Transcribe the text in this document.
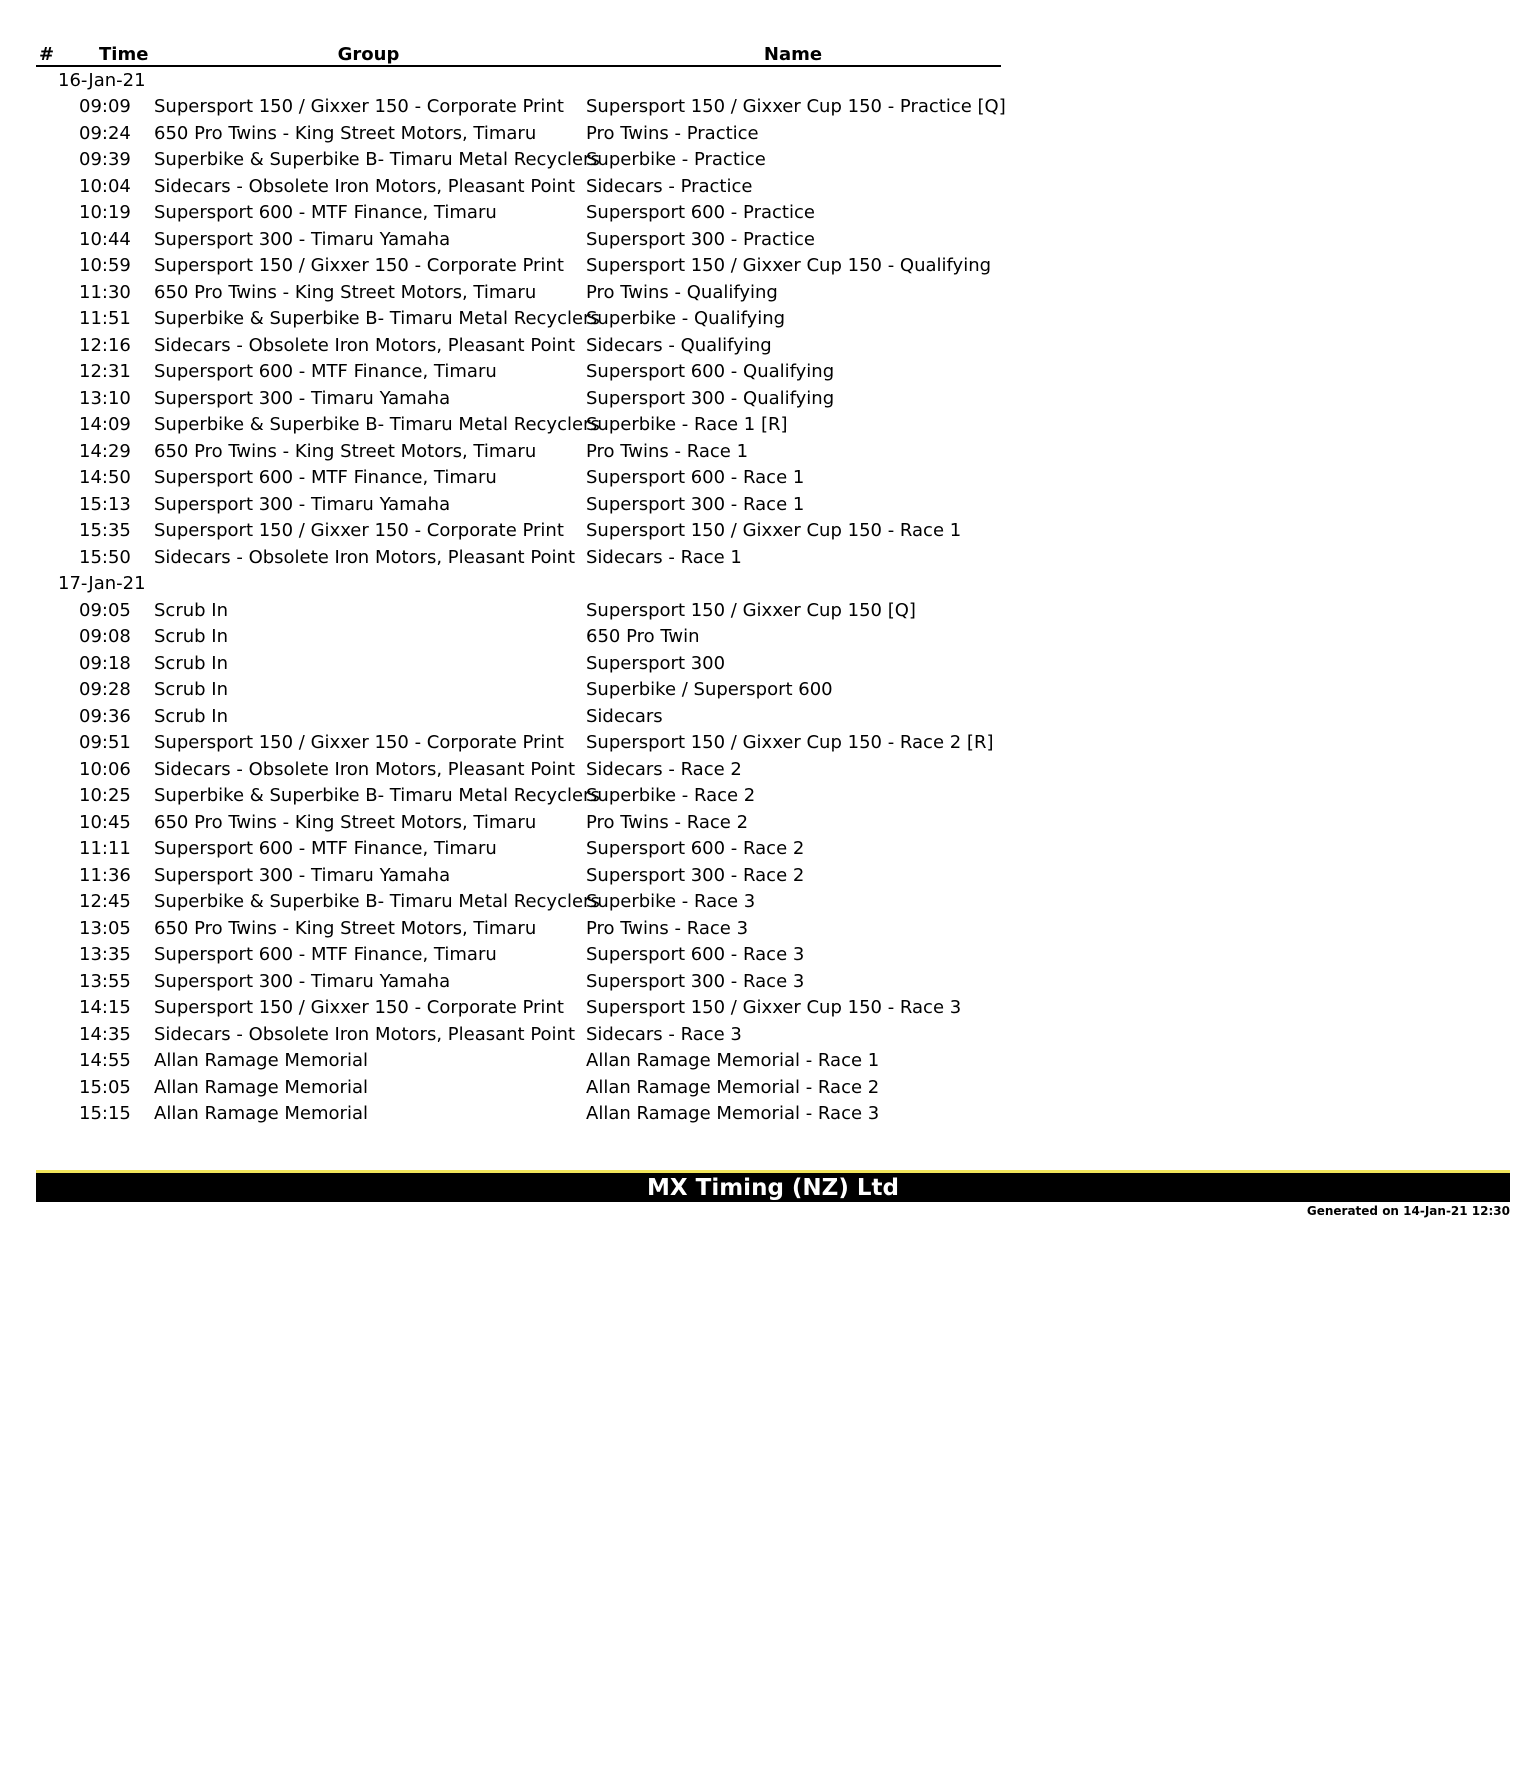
#	Time	Group	Name
16-Jan-21			
	09:09	Supersport 150 / Gixxer 150 - Corporate Print	Supersport 150 / Gixxer Cup 150 - Practice [Q]
	09:24	650 Pro Twins - King Street Motors, Timaru	Pro Twins - Practice
	09:39	Superbike & Superbike B- Timaru Metal Recyclers	Superbike - Practice
	10:04	Sidecars - Obsolete Iron Motors, Pleasant Point	Sidecars - Practice
	10:19	Supersport 600 - MTF Finance, Timaru	Supersport 600 - Practice
	10:44	Supersport 300 - Timaru Yamaha	Supersport 300 - Practice
	10:59	Supersport 150 / Gixxer 150 - Corporate Print	Supersport 150 / Gixxer Cup 150 - Qualifying
	11:30	650 Pro Twins - King Street Motors, Timaru	Pro Twins - Qualifying
	11:51	Superbike & Superbike B- Timaru Metal Recyclers	Superbike - Qualifying
	12:16	Sidecars - Obsolete Iron Motors, Pleasant Point	Sidecars - Qualifying
	12:31	Supersport 600 - MTF Finance, Timaru	Supersport 600 - Qualifying
	13:10	Supersport 300 - Timaru Yamaha	Supersport 300 - Qualifying
	14:09	Superbike & Superbike B- Timaru Metal Recyclers	Superbike - Race 1 [R]
	14:29	650 Pro Twins - King Street Motors, Timaru	Pro Twins - Race 1
	14:50	Supersport 600 - MTF Finance, Timaru	Supersport 600 - Race 1
	15:13	Supersport 300 - Timaru Yamaha	Supersport 300 - Race 1
	15:35	Supersport 150 / Gixxer 150 - Corporate Print	Supersport 150 / Gixxer Cup 150 - Race 1
	15:50	Sidecars - Obsolete Iron Motors, Pleasant Point	Sidecars - Race 1
17-Jan-21			
	09:05	Scrub In	Supersport 150 / Gixxer Cup 150 [Q]
	09:08	Scrub In	650 Pro Twin
	09:18	Scrub In	Supersport 300
	09:28	Scrub In	Superbike / Supersport 600
	09:36	Scrub In	Sidecars
	09:51	Supersport 150 / Gixxer 150 - Corporate Print	Supersport 150 / Gixxer Cup 150 - Race 2 [R]
	10:06	Sidecars - Obsolete Iron Motors, Pleasant Point	Sidecars - Race 2
	10:25	Superbike & Superbike B- Timaru Metal Recyclers	Superbike - Race 2
	10:45	650 Pro Twins - King Street Motors, Timaru	Pro Twins - Race 2
	11:11	Supersport 600 - MTF Finance, Timaru	Supersport 600 - Race 2
	11:36	Supersport 300 - Timaru Yamaha	Supersport 300 - Race 2
	12:45	Superbike & Superbike B- Timaru Metal Recyclers	Superbike - Race 3
	13:05	650 Pro Twins - King Street Motors, Timaru	Pro Twins - Race 3
	13:35	Supersport 600 - MTF Finance, Timaru	Supersport 600 - Race 3
	13:55	Supersport 300 - Timaru Yamaha	Supersport 300 - Race 3
	14:15	Supersport 150 / Gixxer 150 - Corporate Print	Supersport 150 / Gixxer Cup 150 - Race 3
	14:35	Sidecars - Obsolete Iron Motors, Pleasant Point	Sidecars - Race 3
	14:55	Allan Ramage Memorial	Allan Ramage Memorial - Race 1
	15:05	Allan Ramage Memorial	Allan Ramage Memorial - Race 2
	15:15	Allan Ramage Memorial	Allan Ramage Memorial - Race 3
MX Timing (NZ) Ltd
Generated on 14-Jan-21 12:30
